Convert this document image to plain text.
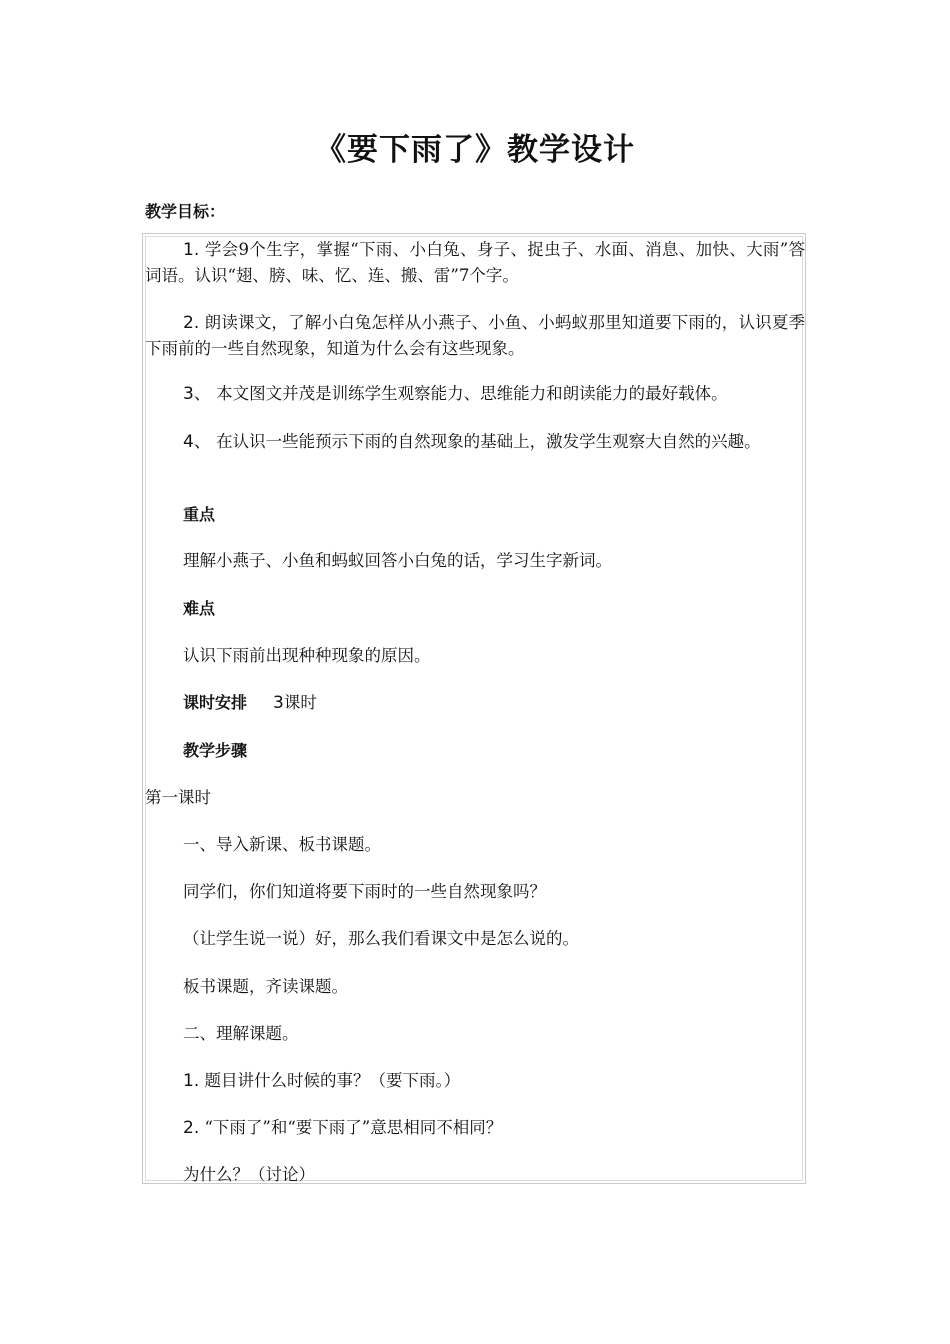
《要下雨了》教学设计
教学目标：

1. 学会9个生字，掌握“下雨、小白兔、身子、捉虫子、水面、消息、加快、大雨”答词语。认识“翅、膀、味、忆、连、搬、雷”7个字。

2. 朗读课文，了解小白兔怎样从小燕子、小鱼、小蚂蚁那里知道要下雨的，认识夏季下雨前的一些自然现象，知道为什么会有这些现象。

3、 本文图文并茂是训练学生观察能力、思维能力和朗读能力的最好载体。

4、 在认识一些能预示下雨的自然现象的基础上，激发学生观察大自然的兴趣。

重点

理解小燕子、小鱼和蚂蚁回答小白兔的话，学习生字新词。

难点

认识下雨前出现种种现象的原因。

课时安排 3课时

教学步骤

第一课时

一、导入新课、板书课题。

同学们，你们知道将要下雨时的一些自然现象吗？

（让学生说一说）好，那么我们看课文中是怎么说的。

板书课题，齐读课题。

二、理解课题。

1. 题目讲什么时候的事？（要下雨。）

2. “下雨了”和“要下雨了”意思相同不相同？

为什么？（讨论）
